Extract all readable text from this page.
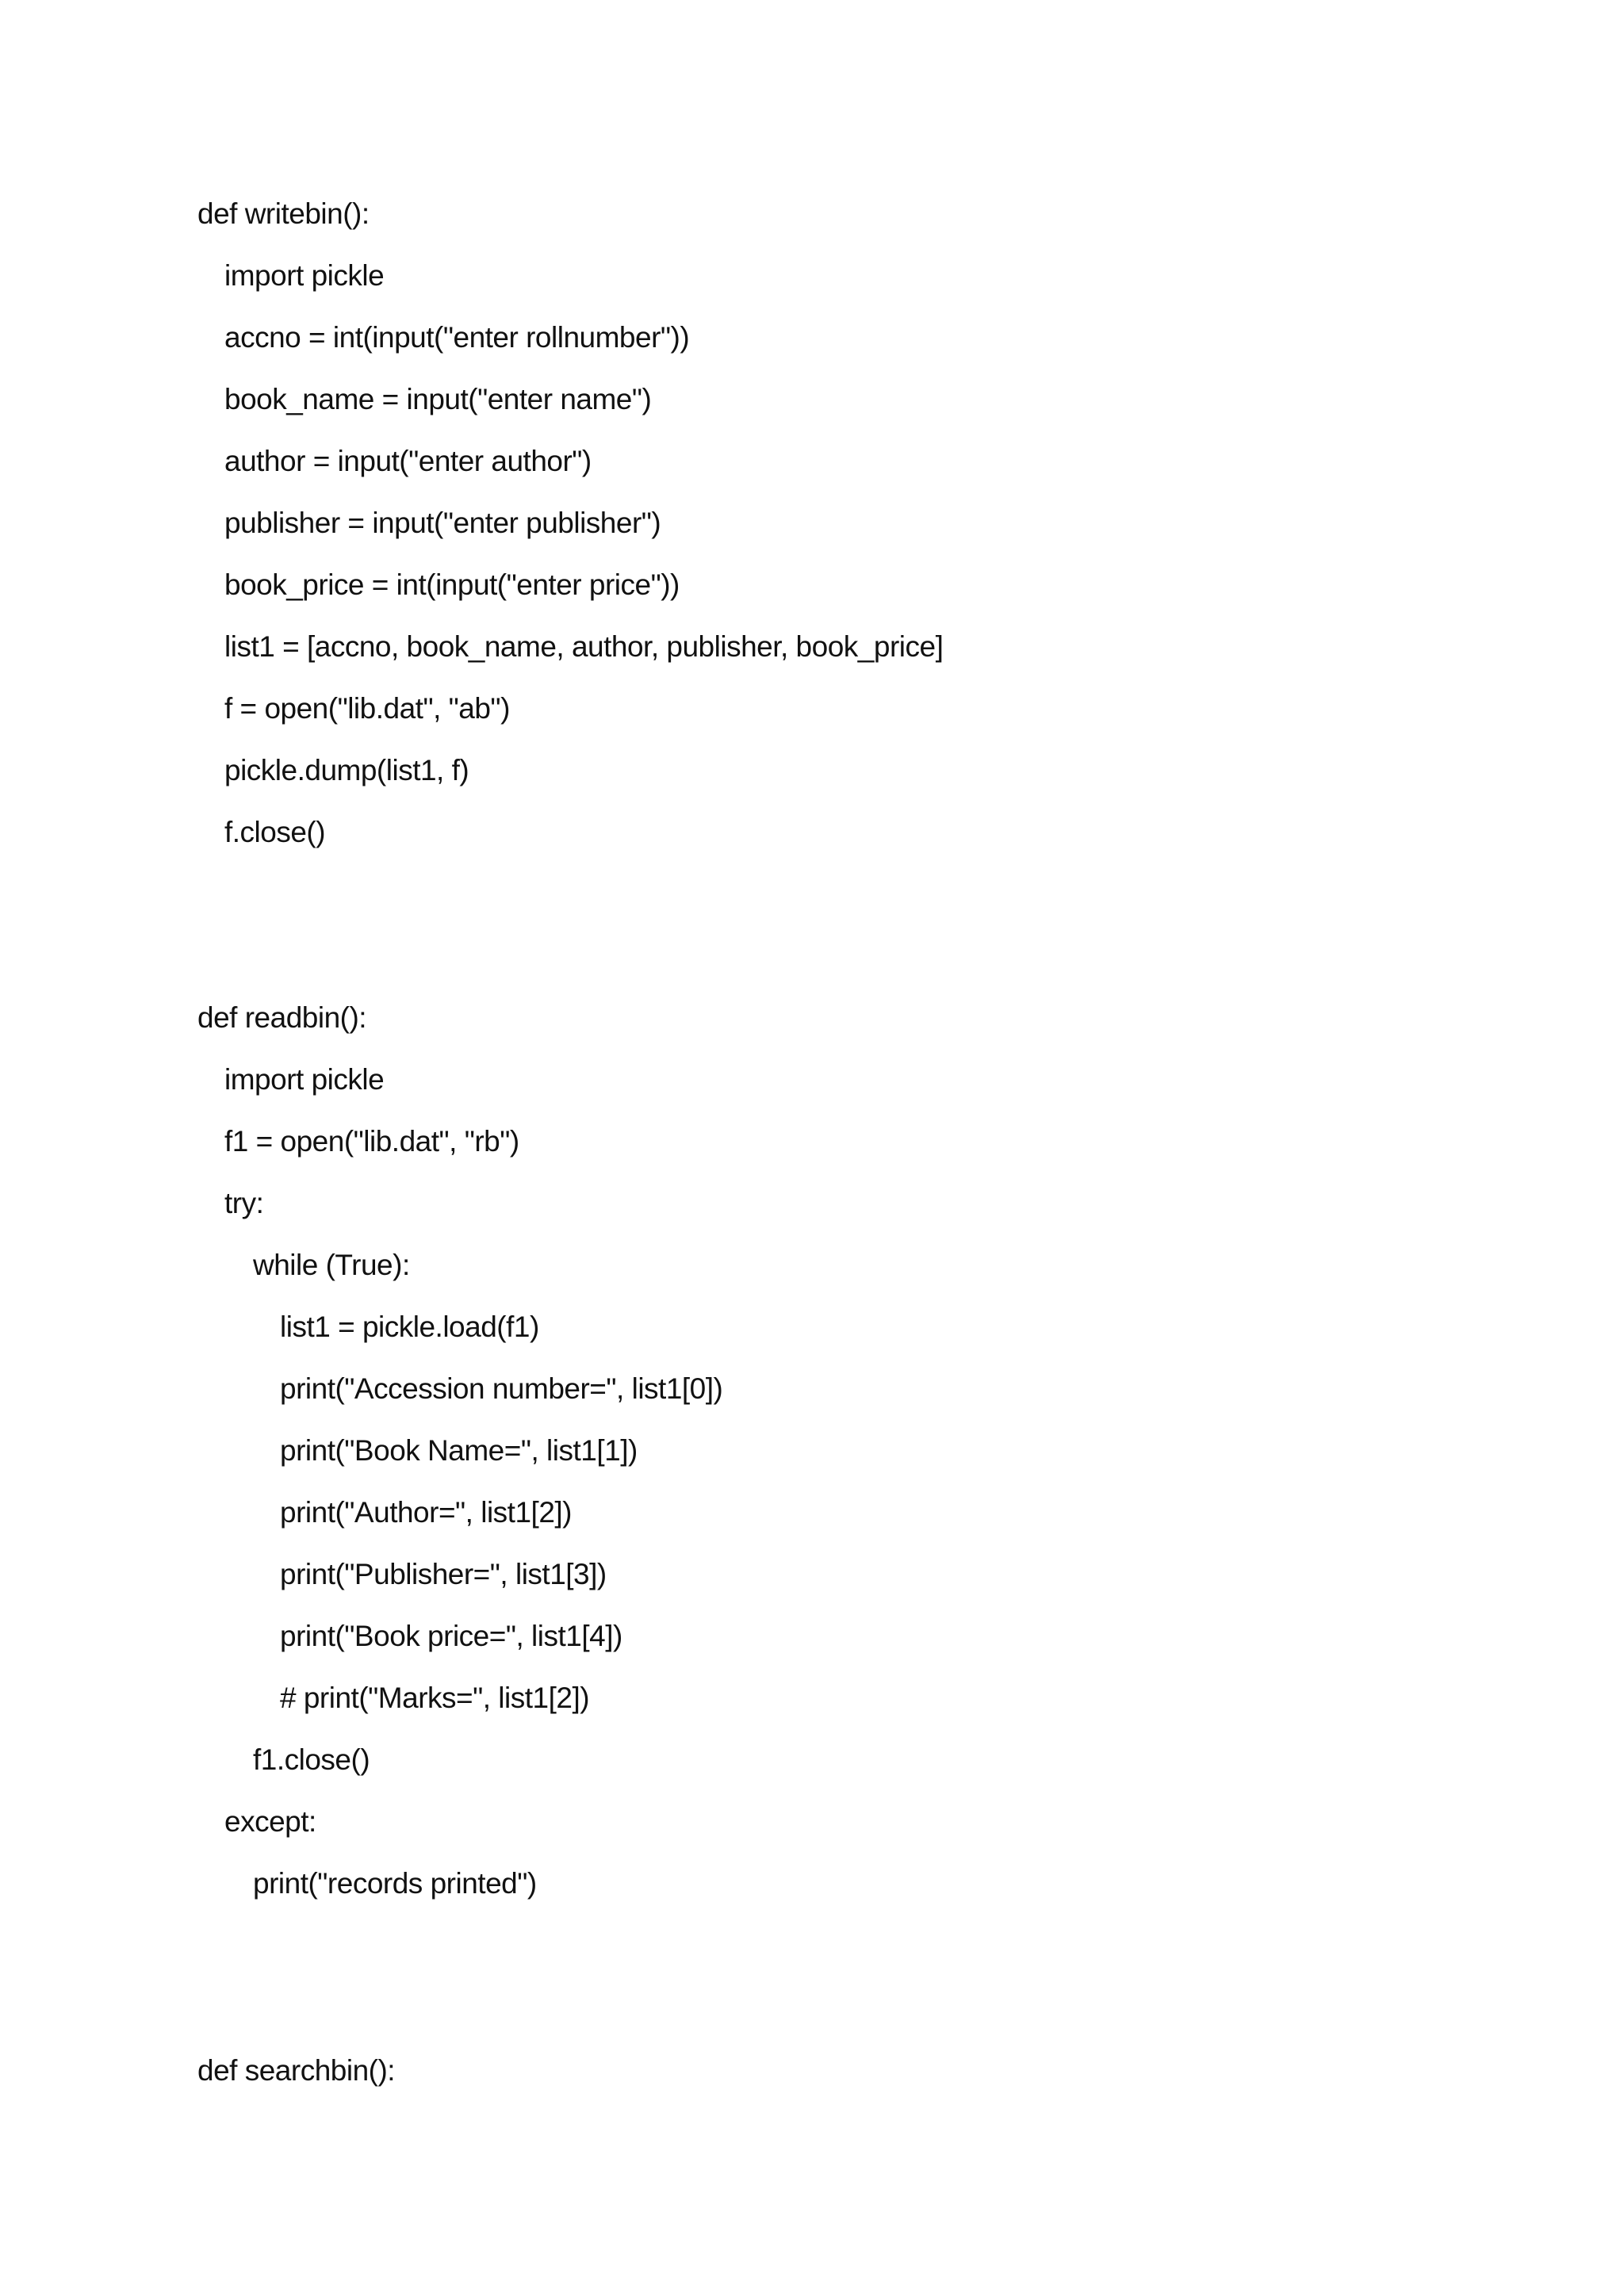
def writebin():
import pickle
accno = int(input("enter rollnumber"))
book_name = input("enter name")
author = input("enter author")
publisher = input("enter publisher")
book_price = int(input("enter price"))
list1 = [accno, book_name, author, publisher, book_price]
f = open("lib.dat", "ab")
pickle.dump(list1, f)
f.close()
def readbin():
import pickle
f1 = open("lib.dat", "rb")
try:
while (True):
list1 = pickle.load(f1)
print("Accession number=", list1[0])
print("Book Name=", list1[1])
print("Author=", list1[2])
print("Publisher=", list1[3])
print("Book price=", list1[4])
# print("Marks=", list1[2])
f1.close()
except:
print("records printed")
def searchbin():
